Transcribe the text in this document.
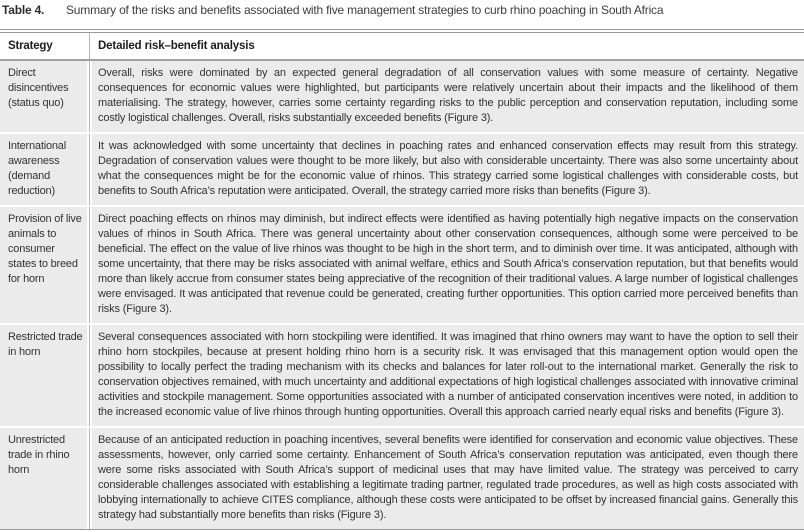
Table 4.	Summary of the risks and benefits associated with five management strategies to curb rhino poaching in South Africa
Strategy	Detailed risk–benefit analysis
Direct disincentives (status quo)
Overall, risks were dominated by an expected general degradation of all conservation values with some measure of certainty. Negative consequences for economic values were highlighted, but participants were relatively uncertain about their impacts and the likelihood of them materialising. The strategy, however, carries some certainty regarding risks to the public perception and conservation reputation, including some costly logistical challenges. Overall, risks substantially exceeded benefits (Figure 3).
International awareness (demand reduction)
It was acknowledged with some uncertainty that declines in poaching rates and enhanced conservation effects may result from this strategy. Degradation of conservation values were thought to be more likely, but also with considerable uncertainty. There was also some uncertainty about what the consequences might be for the economic value of rhinos. This strategy carried some logistical challenges with considerable costs, but benefits to South Africa’s reputation were anticipated. Overall, the strategy carried more risks than benefits (Figure 3).
Provision of live animals to consumer states to breed for horn
Direct poaching effects on rhinos may diminish, but indirect effects were identified as having potentially high negative impacts on the conservation values of rhinos in South Africa. There was general uncertainty about other conservation consequences, although some were perceived to be beneficial. The effect on the value of live rhinos was thought to be high in the short term, and to diminish over time. It was anticipated, although with some uncertainty, that there may be risks associated with animal welfare, ethics and South Africa’s conservation reputation, but that benefits would more than likely accrue from consumer states being appreciative of the recognition of their traditional values. A large number of logistical challenges were envisaged. It was anticipated that revenue could be generated, creating further opportunities. This option carried more perceived benefits than risks (Figure 3).
Restricted trade in horn
Several consequences associated with horn stockpiling were identified. It was imagined that rhino owners may want to have the option to sell their rhino horn stockpiles, because at present holding rhino horn is a security risk. It was envisaged that this management option would open the possibility to locally perfect the trading mechanism with its checks and balances for later roll-out to the international market. Generally the risk to conservation objectives remained, with much uncertainty and additional expectations of high logistical challenges associated with innovative criminal activities and stockpile management. Some opportunities associated with a number of anticipated conservation incentives were noted, in addition to the increased economic value of live rhinos through hunting opportunities. Overall this approach carried nearly equal risks and benefits (Figure 3).
Unrestricted trade in rhino horn
Because of an anticipated reduction in poaching incentives, several benefits were identified for conservation and economic value objectives. These assessments, however, only carried some certainty. Enhancement of South Africa’s conservation reputation was anticipated, even though there were some risks associated with South Africa’s support of medicinal uses that may have limited value. The strategy was perceived to carry considerable challenges associated with establishing a legitimate trading partner, regulated trade procedures, as well as high costs associated with lobbying internationally to achieve CITES compliance, although these costs were anticipated to be offset by increased financial gains. Generally this strategy had substantially more benefits than risks (Figure 3).
